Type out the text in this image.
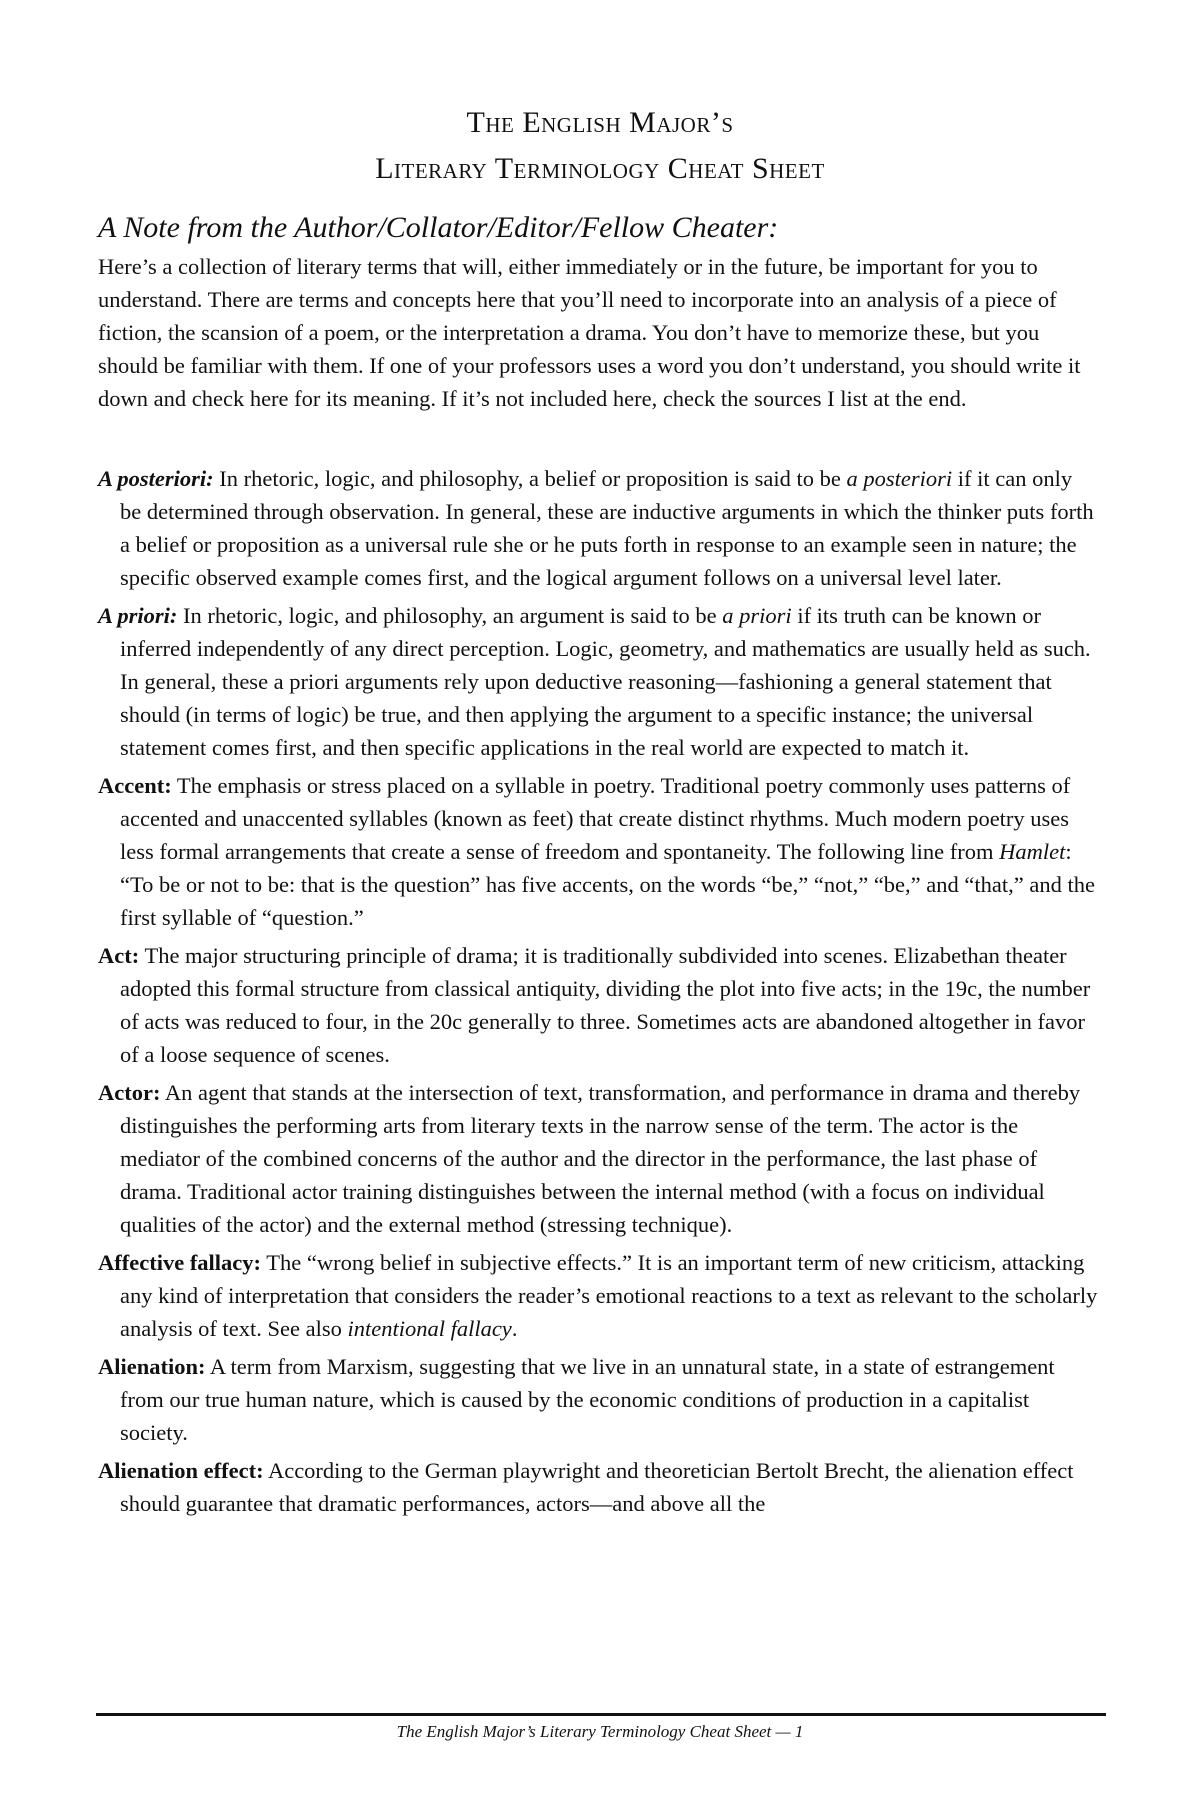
The English Major’s
Literary Terminology Cheat Sheet
A Note from the Author/Collator/Editor/Fellow Cheater:
Here’s a collection of literary terms that will, either immediately or in the future, be important for you to understand. There are terms and concepts here that you’ll need to incorporate into an analysis of a piece of fiction, the scansion of a poem, or the interpretation a drama. You don’t have to memorize these, but you should be familiar with them. If one of your professors uses a word you don’t understand, you should write it down and check here for its meaning. If it’s not included here, check the sources I list at the end.
A posteriori: In rhetoric, logic, and philosophy, a belief or proposition is said to be a posteriori if it can only be determined through observation. In general, these are inductive arguments in which the thinker puts forth a belief or proposition as a universal rule she or he puts forth in response to an example seen in nature; the specific observed example comes first, and the logical argument follows on a universal level later.
A priori: In rhetoric, logic, and philosophy, an argument is said to be a priori if its truth can be known or inferred independently of any direct perception. Logic, geometry, and mathematics are usually held as such. In general, these a priori arguments rely upon deductive reasoning—fashioning a general statement that should (in terms of logic) be true, and then applying the argument to a specific instance; the universal statement comes first, and then specific applications in the real world are expected to match it.
Accent: The emphasis or stress placed on a syllable in poetry. Traditional poetry commonly uses patterns of accented and unaccented syllables (known as feet) that create distinct rhythms. Much modern poetry uses less formal arrangements that create a sense of freedom and spontaneity. The following line from Hamlet: “To be or not to be: that is the question” has five accents, on the words “be,” “not,” “be,” and “that,” and the first syllable of “question.”
Act: The major structuring principle of drama; it is traditionally subdivided into scenes. Elizabethan theater adopted this formal structure from classical antiquity, dividing the plot into five acts; in the 19c, the number of acts was reduced to four, in the 20c generally to three. Sometimes acts are abandoned altogether in favor of a loose sequence of scenes.
Actor: An agent that stands at the intersection of text, transformation, and performance in drama and thereby distinguishes the performing arts from literary texts in the narrow sense of the term. The actor is the mediator of the combined concerns of the author and the director in the performance, the last phase of drama. Traditional actor training distinguishes between the internal method (with a focus on individual qualities of the actor) and the external method (stressing technique).
Affective fallacy: The “wrong belief in subjective effects.” It is an important term of new criticism, attacking any kind of interpretation that considers the reader’s emotional reactions to a text as relevant to the scholarly analysis of text. See also intentional fallacy.
Alienation: A term from Marxism, suggesting that we live in an unnatural state, in a state of estrangement from our true human nature, which is caused by the economic conditions of production in a capitalist society.
Alienation effect: According to the German playwright and theoretician Bertolt Brecht, the alienation effect should guarantee that dramatic performances, actors—and above all the
The English Major’s Literary Terminology Cheat Sheet — 1
